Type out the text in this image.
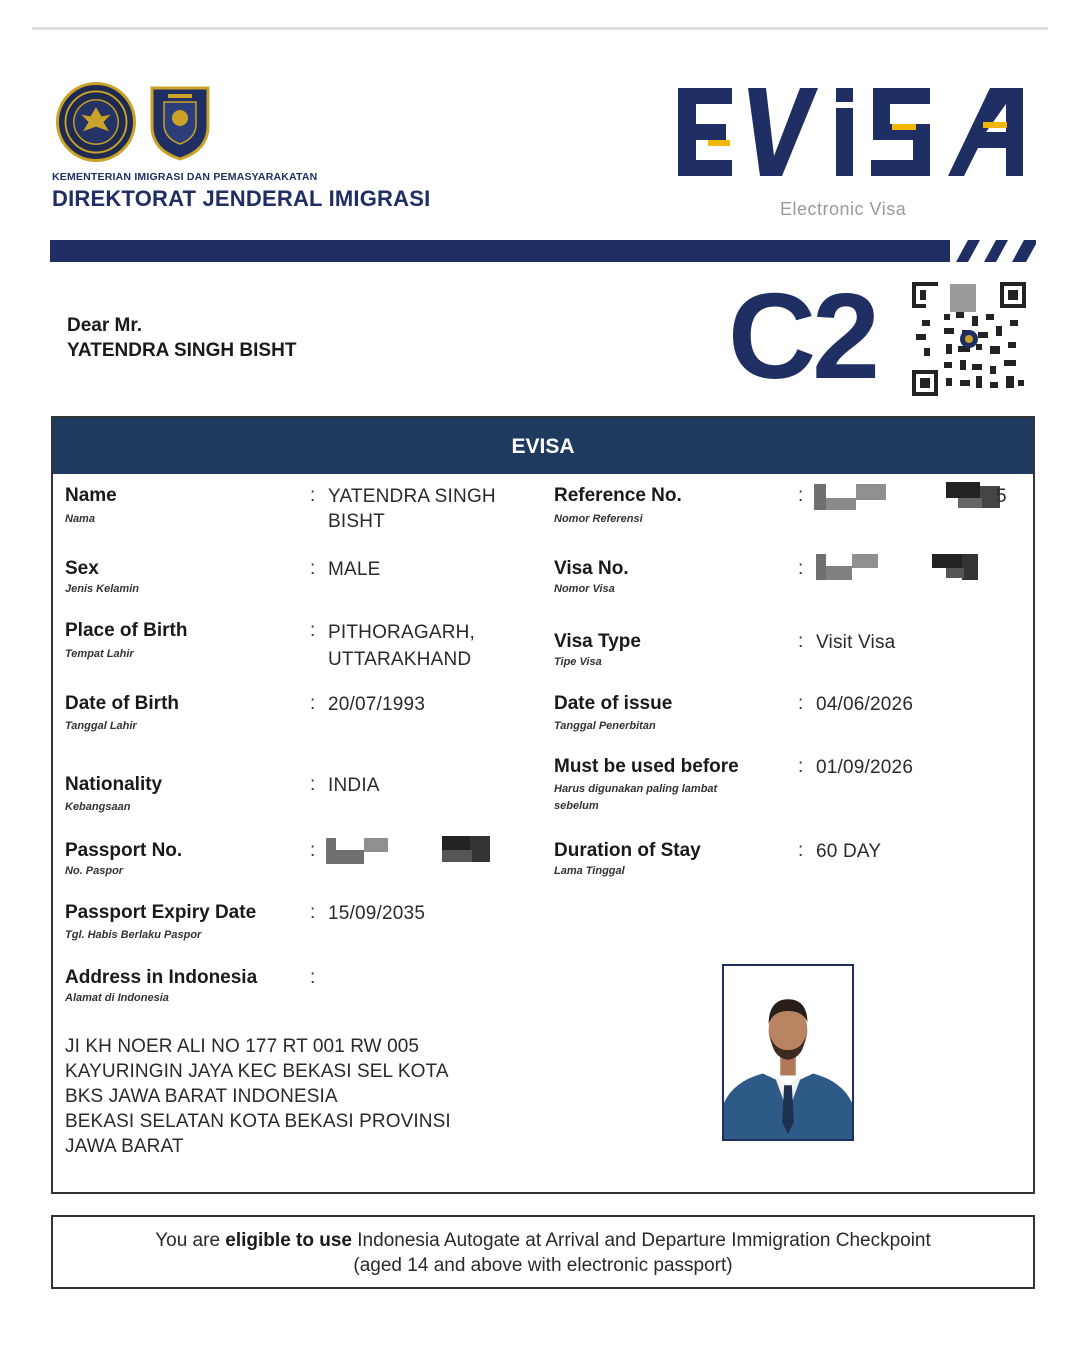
KEMENTERIAN IMIGRASI DAN PEMASYARAKATAN
DIREKTORAT JENDERAL IMIGRASI	Electronic Visa
Dear Mr.
YATENDRA SINGH BISHT	C2
EVISA
Name
Nama
: YATENDRA SINGH
BISHT
Sex
Jenis Kelamin
: MALE
Place of Birth
Tempat Lahir
: PITHORAGARH,
UTTARAKHAND
Date of Birth
Tanggal Lahir
: 20/07/1993
Nationality
Kebangsaan
: INDIA
Passport No.
No. Paspor
:
Passport Expiry Date
Tgl. Habis Berlaku Paspor
: 15/09/2035
Address in Indonesia
Alamat di Indonesia
:
JI KH NOER ALI NO 177 RT 001 RW 005
KAYURINGIN JAYA KEC BEKASI SEL KOTA
BKS JAWA BARAT INDONESIA
BEKASI SELATAN KOTA BEKASI PROVINSI
JAWA BARAT
Reference No.
Nomor Referensi
:	5
Visa No.
Nomor Visa
:
Visa Type
Tipe Visa
: Visit Visa
Date of issue
Tanggal Penerbitan
: 04/06/2026
Must be used before
Harus digunakan paling lambat
sebelum
: 01/09/2026
Duration of Stay
Lama Tinggal
: 60 DAY
You are eligible to use Indonesia Autogate at Arrival and Departure Immigration Checkpoint
(aged 14 and above with electronic passport)
